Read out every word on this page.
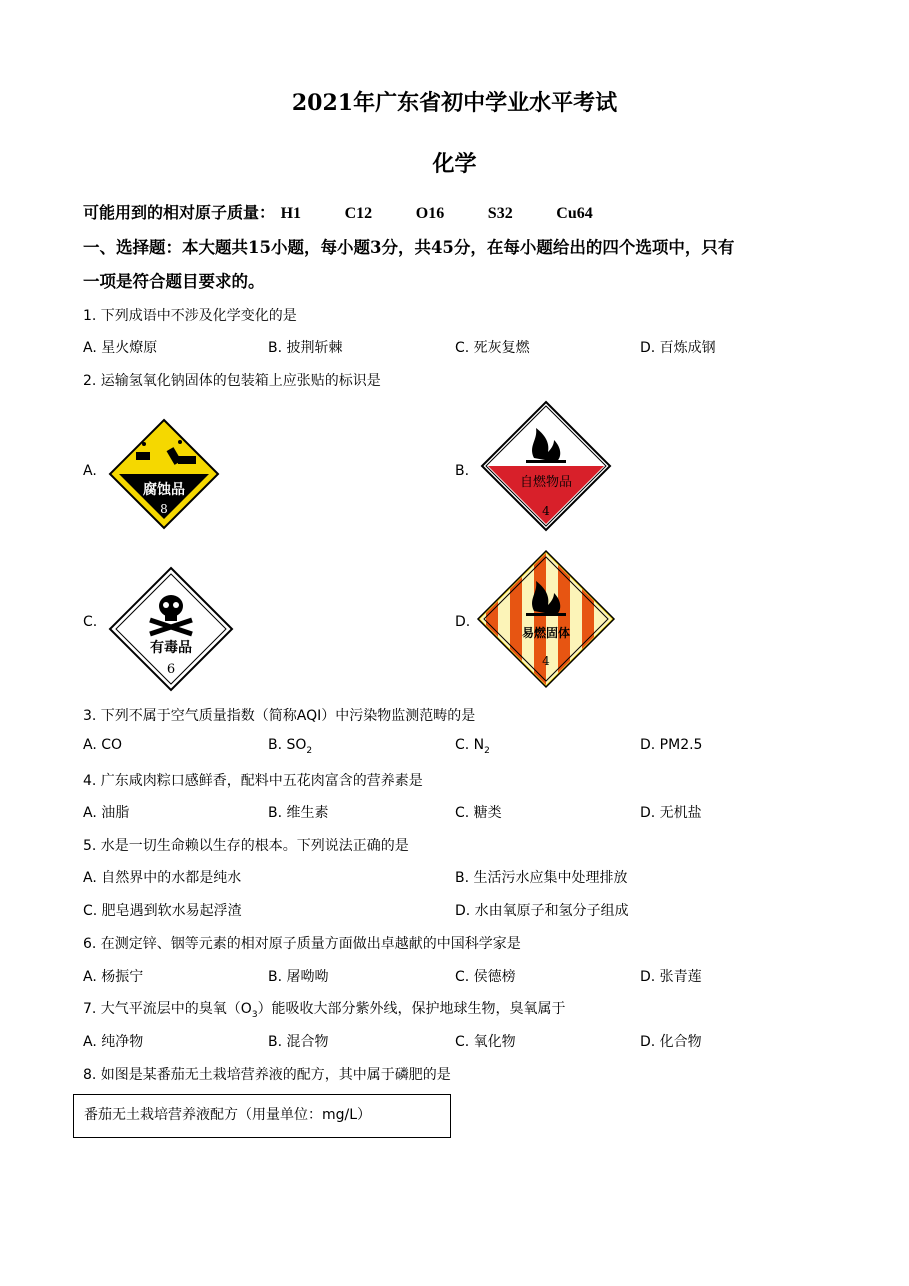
2021年广东省初中学业水平考试
化学
可能用到的相对原子质量： H1	C12	O16	S32	Cu64
一、选择题：本大题共15小题，每小题3分，共45分，在每小题给出的四个选项中，只有
一项是符合题目要求的。
1. 下列成语中不涉及化学变化的是
A. 星火燎原	B. 披荆斩棘	C. 死灰复燃	D. 百炼成钢
2. 运输氢氧化钠固体的包装箱上应张贴的标识是
A.	B.
C.	D.
腐蚀品
8
自燃物品
4
有毒品
6
易燃固体
4
3. 下列不属于空气质量指数（简称AQI）中污染物监测范畴的是
A. CO	B. $SO_2$	C. $N_2$	D. PM2.5
4. 广东咸肉粽口感鲜香，配料中五花肉富含的营养素是
A. 油脂	B. 维生素	C. 糖类	D. 无机盐
5. 水是一切生命赖以生存的根本。下列说法正确的是
A. 自然界中的水都是纯水	B. 生活污水应集中处理排放
C. 肥皂遇到软水易起浮渣	D. 水由氧原子和氢分子组成
6. 在测定锌、铟等元素的相对原子质量方面做出卓越献的中国科学家是
A. 杨振宁	B. 屠呦呦	C. 侯德榜	D. 张青莲
7. 大气平流层中的臭氧$(O_3)$能吸收大部分紫外线，保护地球生物，臭氧属于
A. 纯净物	B. 混合物	C. 氧化物	D. 化合物
8. 如图是某番茄无土栽培营养液的配方，其中属于磷肥的是
番茄无土栽培营养液配方（用量单位：mg/L）
